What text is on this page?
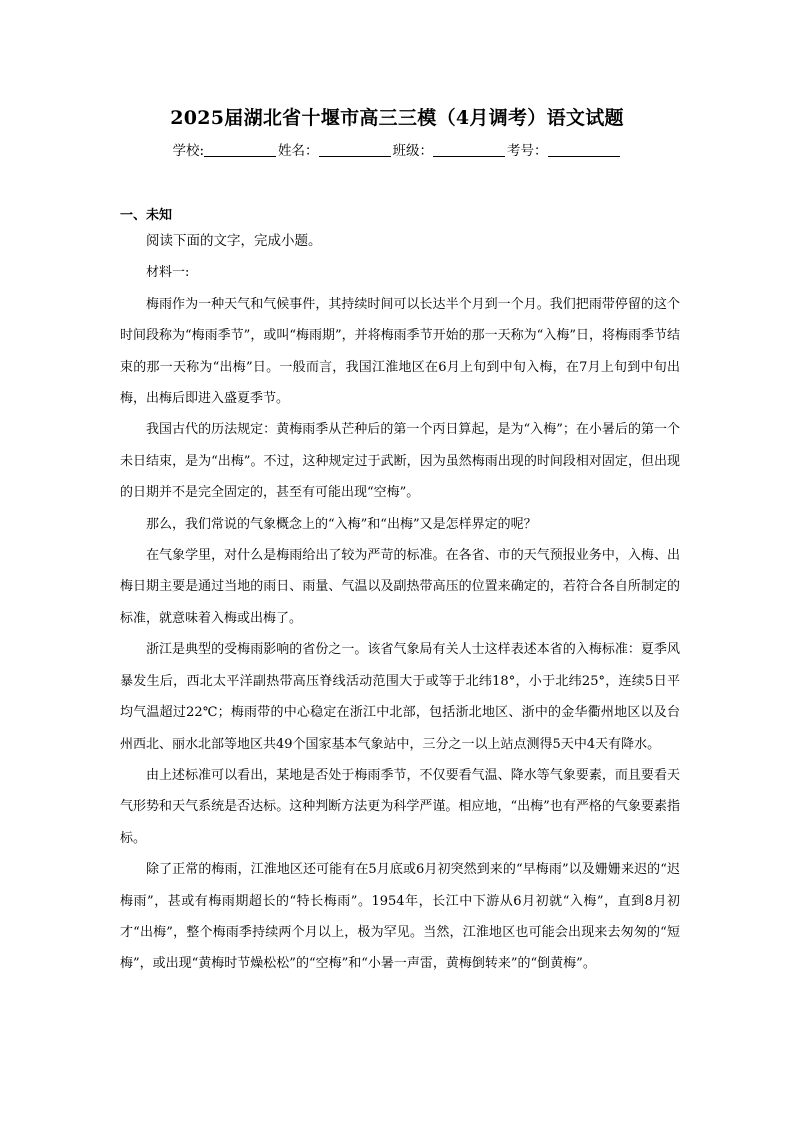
2025届湖北省十堰市高三三模（4月调考）语文试题
学校:	姓名：	班级：	考号：
一、未知

阅读下面的文字，完成小题。

材料一:

梅雨作为一种天气和气候事件，其持续时间可以长达半个月到一个月。我们把雨带停留的这个时间段称为“梅雨季节”，或叫“梅雨期”，并将梅雨季节开始的那一天称为“入梅”日，将梅雨季节结束的那一天称为“出梅”日。一般而言，我国江淮地区在6月上旬到中旬入梅，在7月上旬到中旬出梅，出梅后即进入盛夏季节。

我国古代的历法规定：黄梅雨季从芒种后的第一个丙日算起，是为“入梅”；在小暑后的第一个未日结束，是为“出梅”。不过，这种规定过于武断，因为虽然梅雨出现的时间段相对固定，但出现的日期并不是完全固定的，甚至有可能出现“空梅”。

那么，我们常说的气象概念上的“入梅”和“出梅”又是怎样界定的呢？

在气象学里，对什么是梅雨给出了较为严苛的标准。在各省、市的天气预报业务中，入梅、出梅日期主要是通过当地的雨日、雨量、气温以及副热带高压的位置来确定的，若符合各自所制定的标准，就意味着入梅或出梅了。

浙江是典型的受梅雨影响的省份之一。该省气象局有关人士这样表述本省的入梅标准：夏季风暴发生后，西北太平洋副热带高压脊线活动范围大于或等于北纬18°，小于北纬25°，连续5日平均气温超过22℃；梅雨带的中心稳定在浙江中北部，包括浙北地区、浙中的金华衢州地区以及台州西北、丽水北部等地区共49个国家基本气象站中，三分之一以上站点测得5天中4天有降水。

由上述标准可以看出，某地是否处于梅雨季节，不仅要看气温、降水等气象要素，而且要看天气形势和天气系统是否达标。这种判断方法更为科学严谨。相应地，“出梅”也有严格的气象要素指标。

除了正常的梅雨，江淮地区还可能有在5月底或6月初突然到来的“早梅雨”以及姗姗来迟的“迟梅雨”，甚或有梅雨期超长的“特长梅雨”。1954年，长江中下游从6月初就“入梅”，直到8月初才“出梅”，整个梅雨季持续两个月以上，极为罕见。当然，江淮地区也可能会出现来去匆匆的“短梅”，或出现“黄梅时节燥松松”的“空梅”和“小暑一声雷，黄梅倒转来”的“倒黄梅”。
